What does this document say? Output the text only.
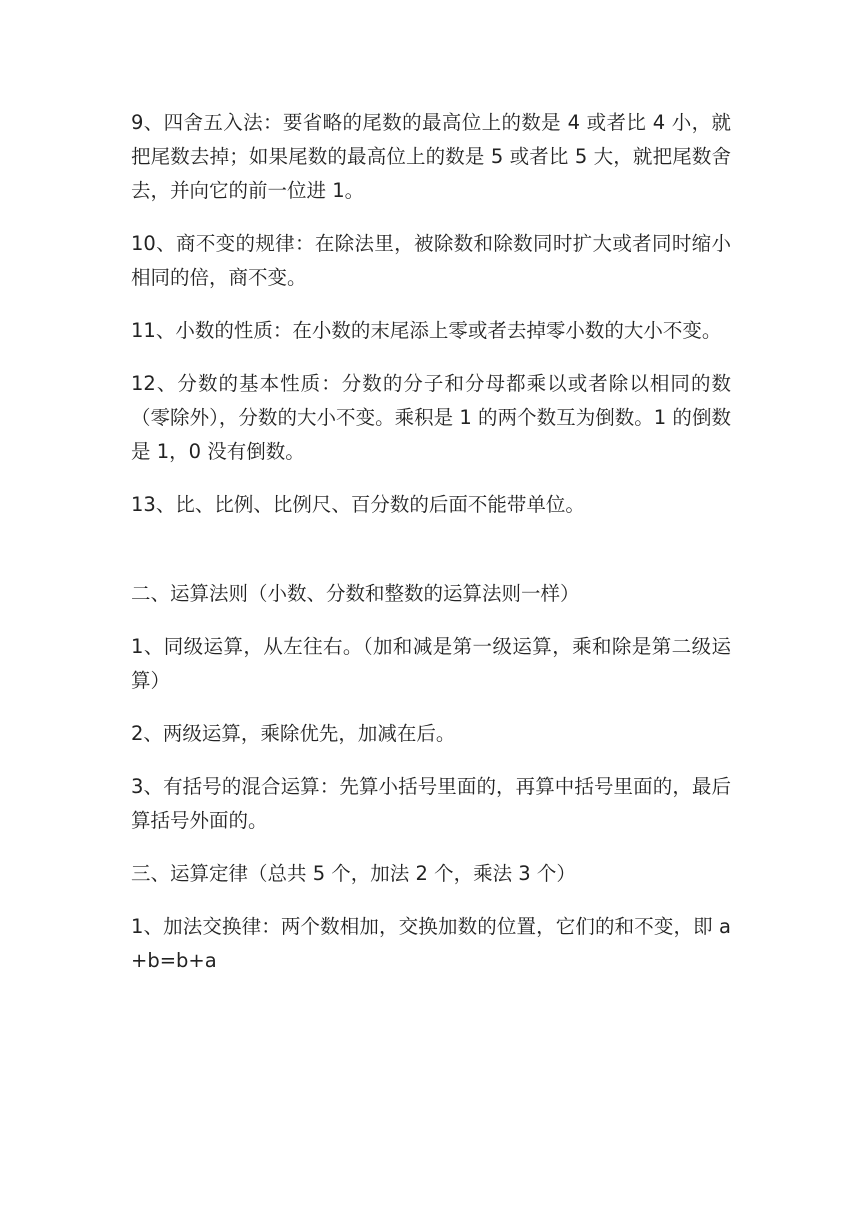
9、四舍五入法：要省略的尾数的最高位上的数是 4 或者比 4 小，就把尾数去掉；如果尾数的最高位上的数是 5 或者比 5 大，就把尾数舍去，并向它的前一位进 1。

10、商不变的规律：在除法里，被除数和除数同时扩大或者同时缩小相同的倍，商不变。

11、小数的性质：在小数的末尾添上零或者去掉零小数的大小不变。

12、分数的基本性质：分数的分子和分母都乘以或者除以相同的数（零除外），分数的大小不变。乘积是 1 的两个数互为倒数。1 的倒数是 1，0 没有倒数。

13、比、比例、比例尺、百分数的后面不能带单位。

二、运算法则（小数、分数和整数的运算法则一样）

1、同级运算，从左往右。（加和减是第一级运算，乘和除是第二级运算）

2、两级运算，乘除优先，加减在后。

3、有括号的混合运算：先算小括号里面的，再算中括号里面的，最后算括号外面的。

三、运算定律（总共 5 个，加法 2 个，乘法 3 个）

1、加法交换律：两个数相加，交换加数的位置，它们的和不变，即 a+b=b+a
